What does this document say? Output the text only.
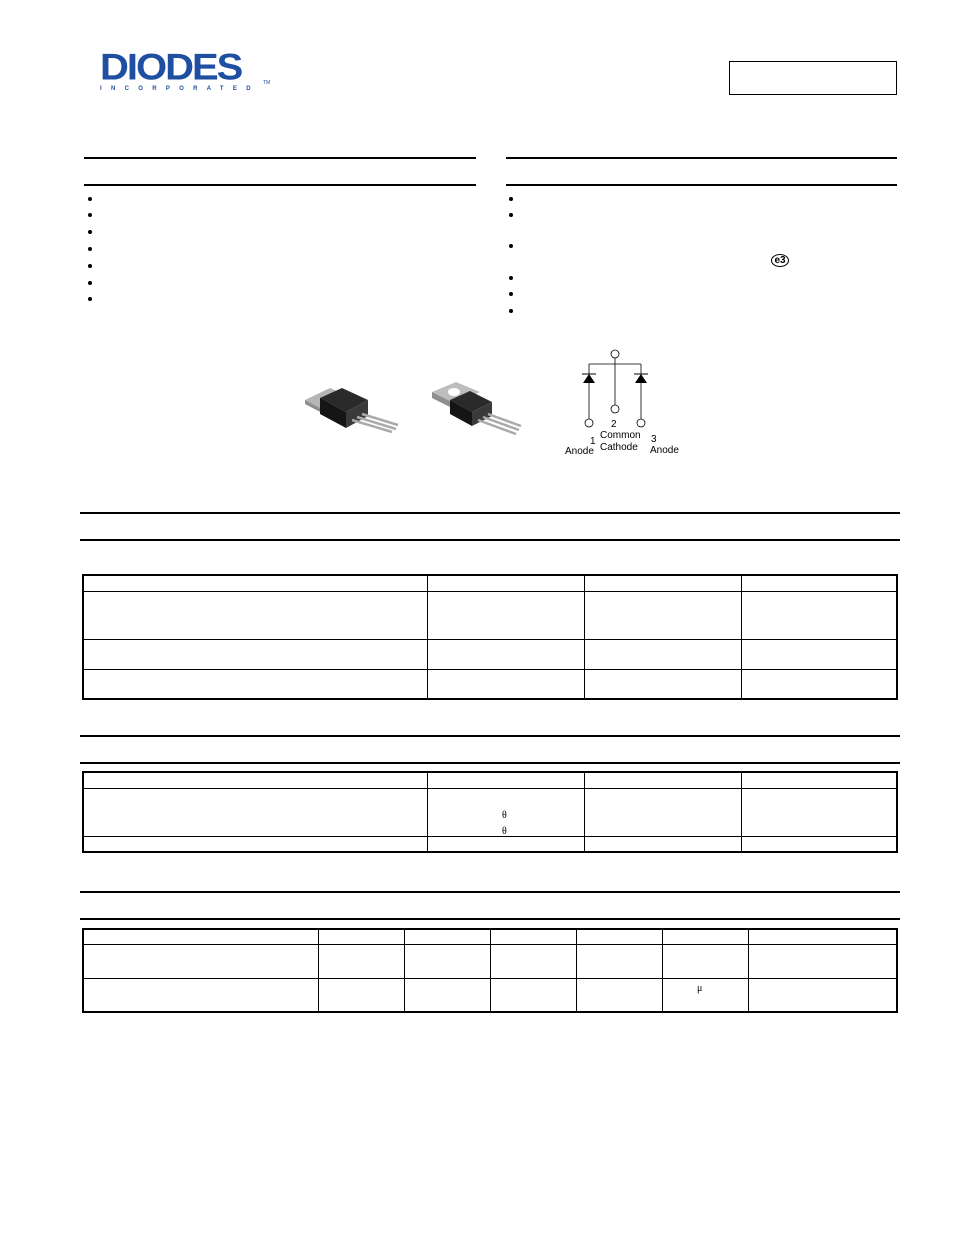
DIODES
INCORPORATED
TM
e3
2
Common
Cathode
1
Anode
3
Anode

	θ
θ		

					μ	
